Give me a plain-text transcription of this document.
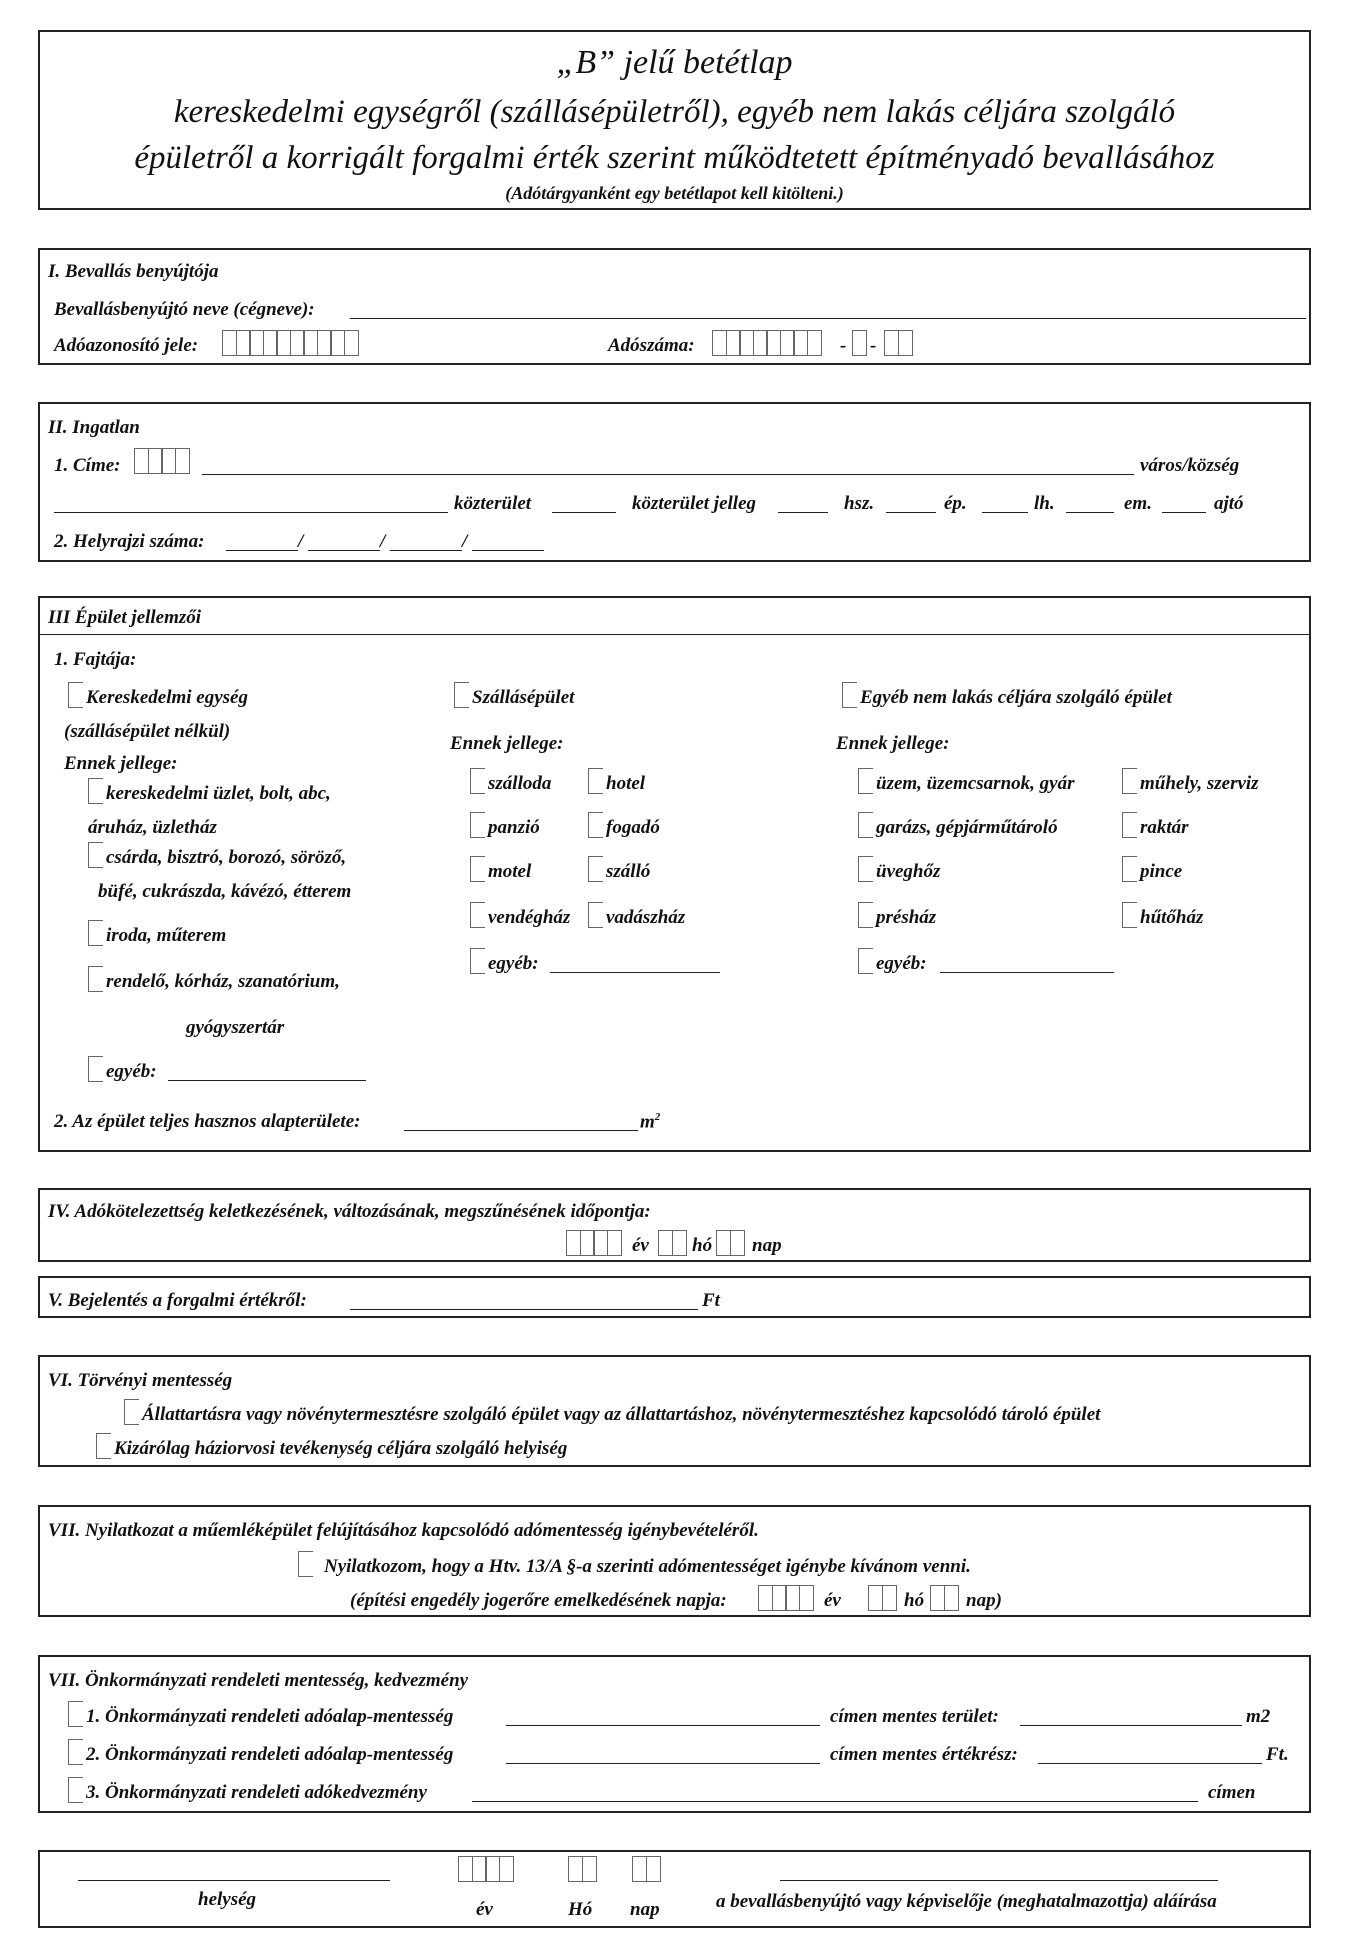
„B” jelű betétlap
kereskedelmi egységről (szállásépületről), egyéb nem lakás céljára szolgáló
épületről a korrigált forgalmi érték szerint működtetett építményadó bevallásához
(Adótárgyanként egy betétlapot kell kitölteni.)
I. Bevallás benyújtója
Bevallásbenyújtó neve (cégneve):
Adóazonosító jele:	Adószáma:	- -
II. Ingatlan
1. Címe:	város/község
közterület	közterület jelleg	hsz.	ép.	lh.	em.	ajtó
2. Helyrajzi száma:	/	/	/
III Épület jellemzői
1. Fajtája:
Kereskedelmi egység
(szállásépület nélkül)
Ennek jellege:
kereskedelmi üzlet, bolt, abc,
áruház, üzletház
csárda, bisztró, borozó, söröző,
büfé, cukrászda, kávézó, étterem
iroda, műterem
rendelő, kórház, szanatórium,
gyógyszertár
egyéb:
Szállásépület
Ennek jellege:
szálloda	hotel
panzió	fogadó
motel	szálló
vendégház vadászház
egyéb:
Egyéb nem lakás céljára szolgáló épület
Ennek jellege:
üzem, üzemcsarnok, gyár	műhely, szerviz
garázs, gépjárműtároló	raktár
üveghőz	pince
présház	hűtőház
egyéb:
2. Az épület teljes hasznos alapterülete:	$m^2$
IV. Adókötelezettség keletkezésének, változásának, megszűnésének időpontja:
év hó nap
V. Bejelentés a forgalmi értékről:	Ft
VI. Törvényi mentesség
Állattartásra vagy növénytermesztésre szolgáló épület vagy az állattartáshoz, növénytermesztéshez kapcsolódó tároló épület
Kizárólag háziorvosi tevékenység céljára szolgáló helyiség
VII. Nyilatkozat a műemléképület felújításához kapcsolódó adómentesség igénybevételéről.
Nyilatkozom, hogy a Htv. 13/A §-a szerinti adómentességet igénybe kívánom venni.
(építési engedély jogerőre emelkedésének napja:	év	hó nap)
VII. Önkormányzati rendeleti mentesség, kedvezmény
1. Önkormányzati rendeleti adóalap-mentesség	címen mentes terület:	m2
2. Önkormányzati rendeleti adóalap-mentesség	címen mentes értékrész:	Ft.
3. Önkormányzati rendeleti adókedvezmény	címen
helység	év	Hó nap	a bevallásbenyújtó vagy képviselője (meghatalmazottja) aláírása
